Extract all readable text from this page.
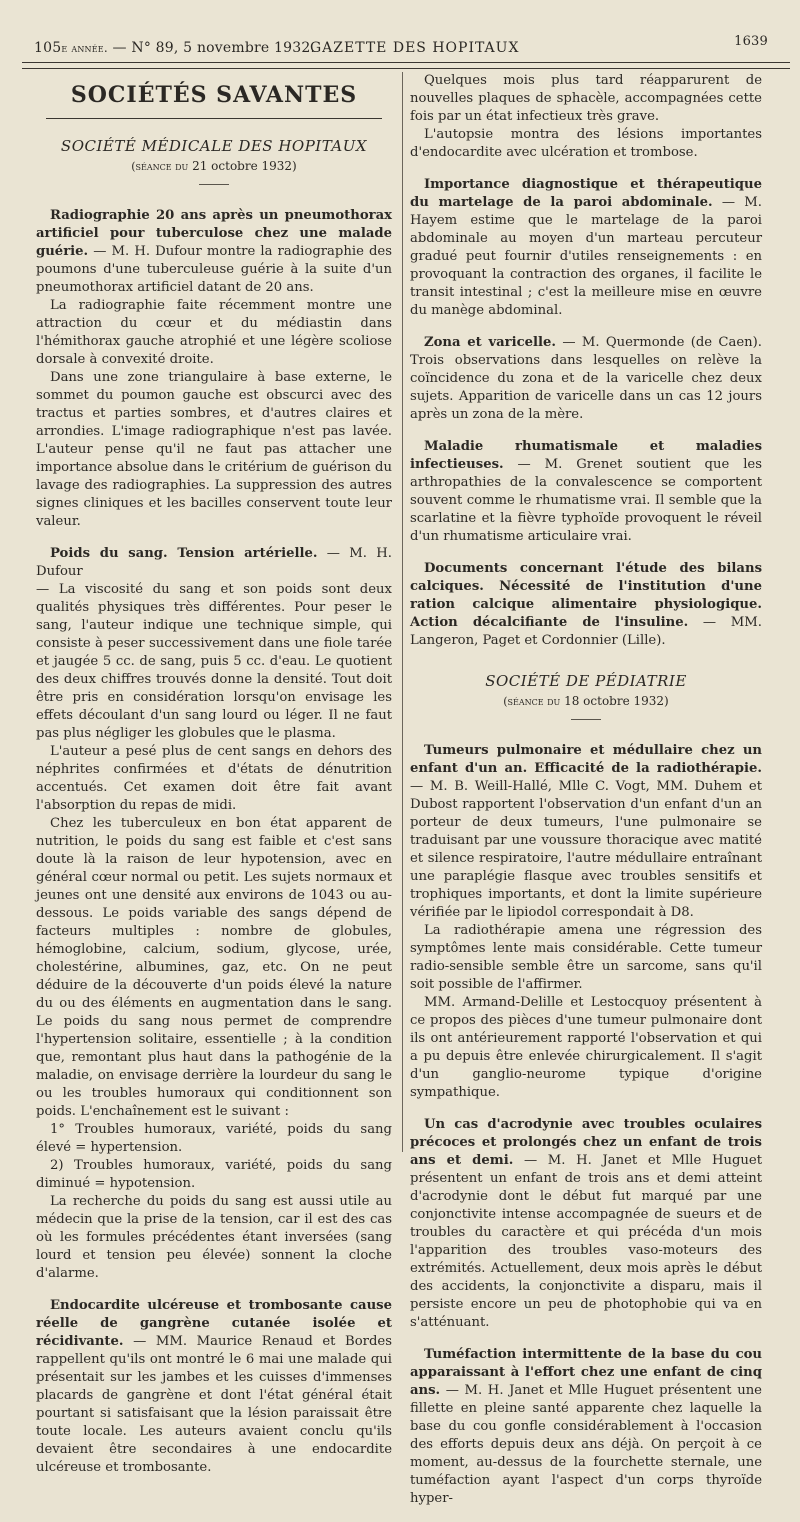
105e année. — N° 89, 5 novembre 1932.
GAZETTE DES HOPITAUX	1639
SOCIÉTÉS SAVANTES
SOCIÉTÉ MÉDICALE DES HOPITAUX
(séance du 21 octobre 1932)

Radiographie 20 ans après un pneumothorax artificiel pour tuberculose chez une malade guérie. — M. H. Dufour montre la radiographie des poumons d'une tuberculeuse guérie à la suite d'un pneumothorax artificiel datant de 20 ans.

La radiographie faite récemment montre une attraction du cœur et du médiastin dans l'hémithorax gauche atrophié et une légère scoliose dorsale à convexité droite.

Dans une zone triangulaire à base externe, le sommet du poumon gauche est obscurci avec des tractus et parties sombres, et d'autres claires et arrondies. L'image radiographique n'est pas lavée. L'auteur pense qu'il ne faut pas attacher une importance absolue dans le critérium de guérison du lavage des radiographies. La suppression des autres signes cliniques et les bacilles conservent toute leur valeur.

Poids du sang. Tension artérielle. — M. H. Dufour

— La viscosité du sang et son poids sont deux qualités physiques très différentes. Pour peser le sang, l'auteur indique une technique simple, qui consiste à peser successivement dans une fiole tarée et jaugée 5 cc. de sang, puis 5 cc. d'eau. Le quotient des deux chiffres trouvés donne la densité. Tout doit être pris en considération lorsqu'on envisage les effets découlant d'un sang lourd ou léger. Il ne faut pas plus négliger les globules que le plasma.

L'auteur a pesé plus de cent sangs en dehors des néphrites confirmées et d'états de dénutrition accentués. Cet examen doit être fait avant l'absorption du repas de midi.

Chez les tuberculeux en bon état apparent de nutrition, le poids du sang est faible et c'est sans doute là la raison de leur hypotension, avec en général cœur normal ou petit. Les sujets normaux et jeunes ont une densité aux environs de 1043 ou au-dessous. Le poids variable des sangs dépend de facteurs multiples : nombre de globules, hémoglobine, calcium, sodium, glycose, urée, cholestérine, albumines, gaz, etc. On ne peut déduire de la découverte d'un poids élevé la nature du ou des éléments en augmentation dans le sang. Le poids du sang nous permet de comprendre l'hypertension solitaire, essentielle ; à la condition que, remontant plus haut dans la pathogénie de la maladie, on envisage derrière la lourdeur du sang le ou les troubles humoraux qui conditionnent son poids. L'enchaînement est le suivant :

1° Troubles humoraux, variété, poids du sang élevé = hypertension.

2) Troubles humoraux, variété, poids du sang diminué = hypotension.

La recherche du poids du sang est aussi utile au médecin que la prise de la tension, car il est des cas où les formules précédentes étant inversées (sang lourd et tension peu élevée) sonnent la cloche d'alarme.

Endocardite ulcéreuse et trombosante cause réelle de gangrène cutanée isolée et récidivante. — MM. Maurice Renaud et Bordes rappellent qu'ils ont montré le 6 mai une malade qui présentait sur les jambes et les cuisses d'immenses placards de gangrène et dont l'état général était pourtant si satisfaisant que la lésion paraissait être toute locale. Les auteurs avaient conclu qu'ils devaient être secondaires à une endocardite ulcéreuse et trombosante.

Quelques mois plus tard réapparurent de nouvelles plaques de sphacèle, accompagnées cette fois par un état infectieux très grave.

L'autopsie montra des lésions importantes d'endocardite avec ulcération et trombose.

Importance diagnostique et thérapeutique du martelage de la paroi abdominale. — M. Hayem estime que le martelage de la paroi abdominale au moyen d'un marteau percuteur gradué peut fournir d'utiles renseignements : en provoquant la contraction des organes, il facilite le transit intestinal ; c'est la meilleure mise en œuvre du manège abdominal.

Zona et varicelle. — M. Quermonde (de Caen). Trois observations dans lesquelles on relève la coïncidence du zona et de la varicelle chez deux sujets. Apparition de varicelle dans un cas 12 jours après un zona de la mère.

Maladie rhumatismale et maladies infectieuses. — M. Grenet soutient que les arthropathies de la convalescence se comportent souvent comme le rhumatisme vrai. Il semble que la scarlatine et la fièvre typhoïde provoquent le réveil d'un rhumatisme articulaire vrai.

Documents concernant l'étude des bilans calciques. Nécessité de l'institution d'une ration calcique alimentaire physiologique. Action décalcifiante de l'insuline. — MM. Langeron, Paget et Cordonnier (Lille).

SOCIÉTÉ DE PÉDIATRIE
(séance du 18 octobre 1932)

Tumeurs pulmonaire et médullaire chez un enfant d'un an. Efficacité de la radiothérapie. — M. B. Weill-Hallé, Mlle C. Vogt, MM. Duhem et Dubost rapportent l'observation d'un enfant d'un an porteur de deux tumeurs, l'une pulmonaire se traduisant par une voussure thoracique avec matité et silence respiratoire, l'autre médullaire entraînant une paraplégie flasque avec troubles sensitifs et trophiques importants, et dont la limite supérieure vérifiée par le lipiodol correspondait à D8.

La radiothérapie amena une régression des symptômes lente mais considérable. Cette tumeur radio-sensible semble être un sarcome, sans qu'il soit possible de l'affirmer.

MM. Armand-Delille et Lestocquoy présentent à ce propos des pièces d'une tumeur pulmonaire dont ils ont antérieurement rapporté l'observation et qui a pu depuis être enlevée chirurgicalement. Il s'agit d'un ganglio-neurome typique d'origine sympathique.

Un cas d'acrodynie avec troubles oculaires précoces et prolongés chez un enfant de trois ans et demi. — M. H. Janet et Mlle Huguet présentent un enfant de trois ans et demi atteint d'acrodynie dont le début fut marqué par une conjonctivite intense accompagnée de sueurs et de troubles du caractère et qui précéda d'un mois l'apparition des troubles vaso-moteurs des extrémités. Actuellement, deux mois après le début des accidents, la conjonctivite a disparu, mais il persiste encore un peu de photophobie qui va en s'atténuant.

Tuméfaction intermittente de la base du cou apparaissant à l'effort chez une enfant de cinq ans. — M. H. Janet et Mlle Huguet présentent une fillette en pleine santé apparente chez laquelle la base du cou gonfle considérablement à l'occasion des efforts depuis deux ans déjà. On perçoit à ce moment, au-dessus de la fourchette sternale, une tuméfaction ayant l'aspect d'un corps thyroïde hyper-
